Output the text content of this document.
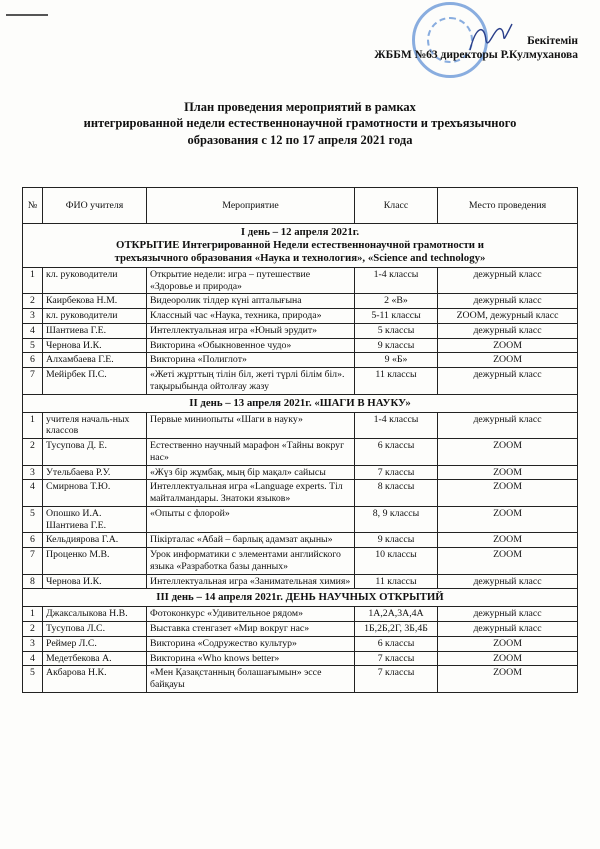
Бекітемін
ЖББМ №63 директоры Р.Кулмуханова
План проведения мероприятий в рамках
интегрированной недели естественнонаучной грамотности и трехъязычного
образования с 12 по 17 апреля 2021 года
№	ФИО учителя	Мероприятие	Класс	Место проведения

I день – 12 апреля 2021г.
ОТКРЫТИЕ Интегрированной Недели естественнонаучной грамотности и
трехъязычного образования «Наука и технология», «Science and technology»				

1	кл. руководители	Открытие недели: игра – путешествие «Здоровье и природа»	1-4 классы	дежурный класс
2	Каирбекова Н.М.	Видеоролик тілдер күні апталығына	2 «В»	дежурный класс
3	кл. руководители	Классный час «Наука, техника, природа»	5-11 классы	ZOOM, дежурный класс
4	Шантиева Г.Е.	Интеллектуальная игра «Юный эрудит»	5 классы	дежурный класс
5	Чернова И.К.	Викторина «Обыкновенное чудо»	9 классы	ZOOM
6	Алхамбаева Г.Е.	Викторина «Полиглот»	9 «Б»	ZOOM
7	Мейірбек П.С.	«Жеті жұрттың тілін біл, жеті түрлі білім біл». тақырыбында ойтолғау жазу	11 классы	дежурный класс
II день – 13 апреля 2021г. «ШАГИ В НАУКУ»				
1	учителя началь-ных классов	Первые миниопыты «Шаги в науку»	1-4 классы	дежурный класс
2	Тусупова Д. Е.	Естественно научный марафон «Тайны вокруг нас»	6 классы	ZOOM
3	Утельбаева Р.У.	«Жүз бір жұмбақ, мың бір мақал» сайысы	7 классы	ZOOM
4	Смирнова Т.Ю.	Интеллектуальная игра «Language experts. Тіл майталмандары. Знатоки языков»	8 классы	ZOOM
5	Опошко И.А. Шантиева Г.Е.	«Опыты с флорой»	8, 9 классы	ZOOM
6	Кельдиярова Г.А.	Пікірталас «Абай – барлық адамзат ақыны»	9 классы	ZOOM
7	Проценко М.В.	Урок информатики с элементами английского языка «Разработка базы данных»	10 классы	ZOOM
8	Чернова И.К.	Интеллектуальная игра «Занимательная химия»	11 классы	дежурный класс
III день – 14 апреля 2021г. ДЕНЬ НАУЧНЫХ ОТКРЫТИЙ				
1	Джаксалыкова Н.В.	Фотоконкурс «Удивительное рядом»	1А,2А,3А,4А	дежурный класс
2	Тусупова Л.С.	Выставка стенгазет «Мир вокруг нас»	1Б,2Б,2Г, 3Б,4Б	дежурный класс
3	Реймер Л.С.	Викторина «Содружество культур»	6 классы	ZOOM
4	Медетбекова А.	Викторина «Who knows better»	7 классы	ZOOM
5	Акбарова Н.К.	«Мен Қазақстанның болашағымын» эссе байқауы	7 классы	ZOOM
